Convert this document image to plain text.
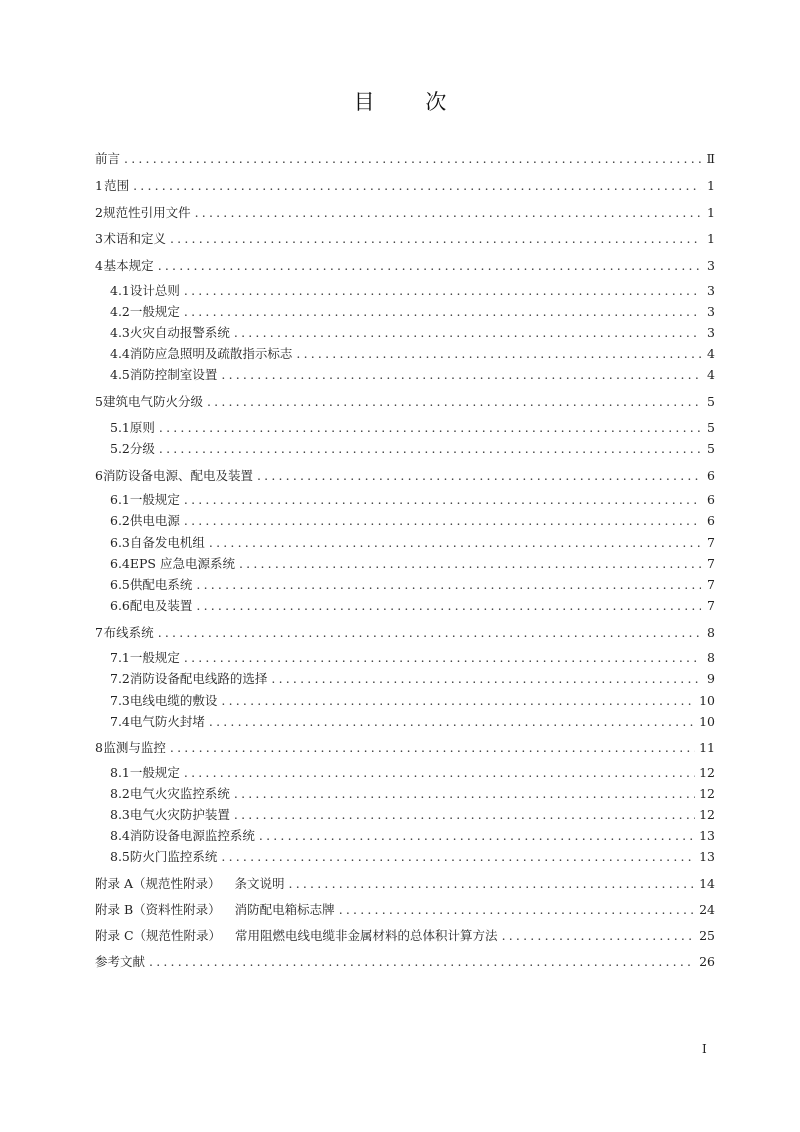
目 次
前言 .....	Ⅱ
1 范围 .....	1
2 规范性引用文件 .....	1
3 术语和定义 .....	1
4 基本规定 .....	3
4.1 设计总则 .....	3
4.2 一般规定 .....	3
4.3 火灾自动报警系统 .....	3
4.4 消防应急照明及疏散指示标志 .....	4
4.5 消防控制室设置 .....	4
5 建筑电气防火分级 .....	5
5.1 原则 .....	5
5.2 分级 .....	5
6 消防设备电源、配电及装置 .....	6
6.1 一般规定 .....	6
6.2 供电电源 .....	6
6.3 自备发电机组 .....	7
6.4 EPS 应急电源系统 .....	7
6.5 供配电系统 .....	7
6.6 配电及装置 .....	7
7 布线系统 .....	8
7.1 一般规定 .....	8
7.2 消防设备配电线路的选择 .....	9
7.3 电线电缆的敷设 .....	10
7.4 电气防火封堵 .....	10
8 监测与监控 .....	11
8.1 一般规定 .....	12
8.2 电气火灾监控系统 .....	12
8.3 电气火灾防护装置 .....	12
8.4 消防设备电源监控系统 .....	13
8.5 防火门监控系统 .....	13
附录 A（规范性附录） 条文说明 .....	14
附录 B（资料性附录） 消防配电箱标志牌 .....	24
附录 C（规范性附录） 常用阻燃电线电缆非金属材料的总体积计算方法 .....	25
参考文献 .....	26
I
